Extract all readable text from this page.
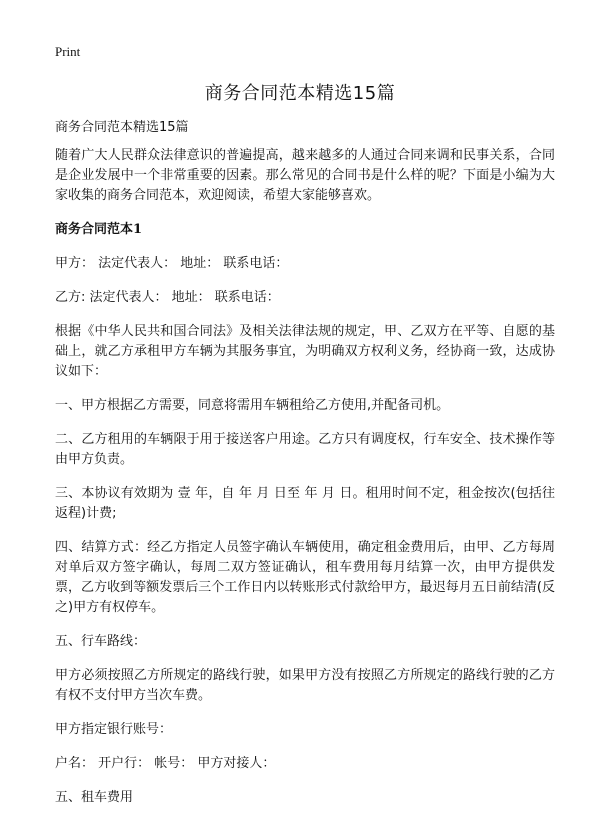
Print
商务合同范本精选15篇

商务合同范本精选15篇

随着广大人民群众法律意识的普遍提高，越来越多的人通过合同来调和民事关系，合同是企业发展中一个非常重要的因素。那么常见的合同书是什么样的呢？下面是小编为大家收集的商务合同范本，欢迎阅读，希望大家能够喜欢。

商务合同范本1

甲方： 法定代表人： 地址： 联系电话：

乙方: 法定代表人： 地址： 联系电话：

根据《中华人民共和国合同法》及相关法律法规的规定，甲、乙双方在平等、自愿的基础上，就乙方承租甲方车辆为其服务事宜，为明确双方权利义务，经协商一致，达成协议如下：

一、甲方根据乙方需要，同意将需用车辆租给乙方使用,并配备司机。

二、乙方租用的车辆限于用于接送客户用途。乙方只有调度权，行车安全、技术操作等由甲方负责。

三、本协议有效期为 壹 年，自 年 月 日至 年 月 日。租用时间不定，租金按次(包括往返程)计费;

四、结算方式：经乙方指定人员签字确认车辆使用，确定租金费用后，由甲、乙方每周对单后双方签字确认，每周二双方签证确认，租车费用每月结算一次，由甲方提供发票，乙方收到等额发票后三个工作日内以转账形式付款给甲方，最迟每月五日前结清(反之)甲方有权停车。

五、行车路线：

甲方必须按照乙方所规定的路线行驶，如果甲方没有按照乙方所规定的路线行驶的乙方有权不支付甲方当次车费。

甲方指定银行账号：

户名： 开户行： 帐号： 甲方对接人：

五、租车费用
